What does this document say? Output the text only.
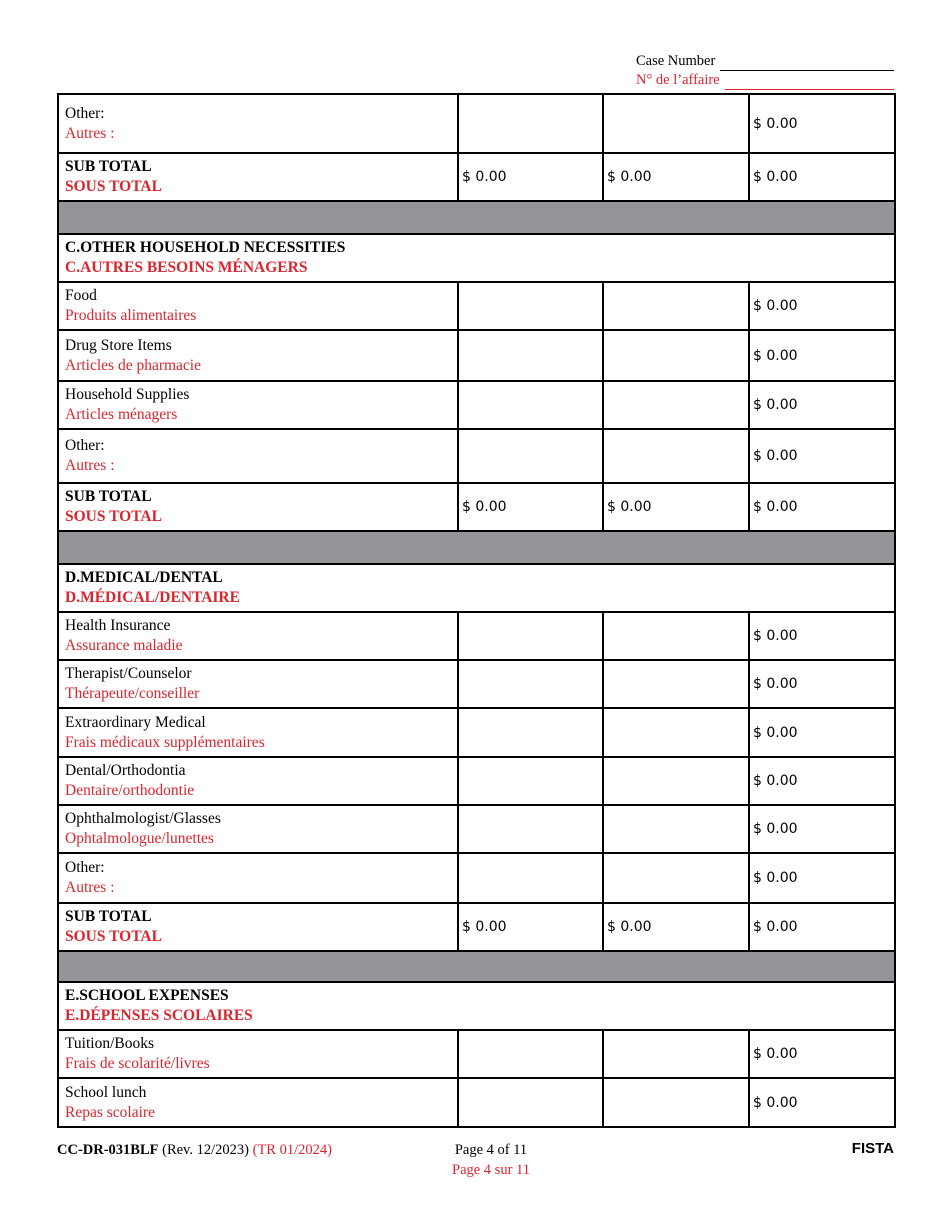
Case Number
N° de l’affaire
Other:
Autres :			$ 0.00

SUB TOTAL
SOUS TOTAL	$ 0.00	$ 0.00	$ 0.00

C.OTHER HOUSEHOLD NECESSITIES
C.AUTRES BESOINS MÉNAGERS			

Food
Produits alimentaires			$ 0.00

Drug Store Items
Articles de pharmacie			$ 0.00

Household Supplies
Articles ménagers			$ 0.00

Other:
Autres :			$ 0.00

SUB TOTAL
SOUS TOTAL	$ 0.00	$ 0.00	$ 0.00

D.MEDICAL/DENTAL
D.MÉDICAL/DENTAIRE			

Health Insurance
Assurance maladie			$ 0.00

Therapist/Counselor
Thérapeute/conseiller			$ 0.00

Extraordinary Medical
Frais médicaux supplémentaires			$ 0.00

Dental/Orthodontia
Dentaire/orthodontie			$ 0.00

Ophthalmologist/Glasses
Ophtalmologue/lunettes			$ 0.00

Other:
Autres :			$ 0.00

SUB TOTAL
SOUS TOTAL	$ 0.00	$ 0.00	$ 0.00

E.SCHOOL EXPENSES
E.DÉPENSES SCOLAIRES			

Tuition/Books
Frais de scolarité/livres			$ 0.00

School lunch
Repas scolaire			$ 0.00
CC-DR-031BLF (Rev. 12/2023) (TR 01/2024)	Page 4 of 11
Page 4 sur 11
FISTA
